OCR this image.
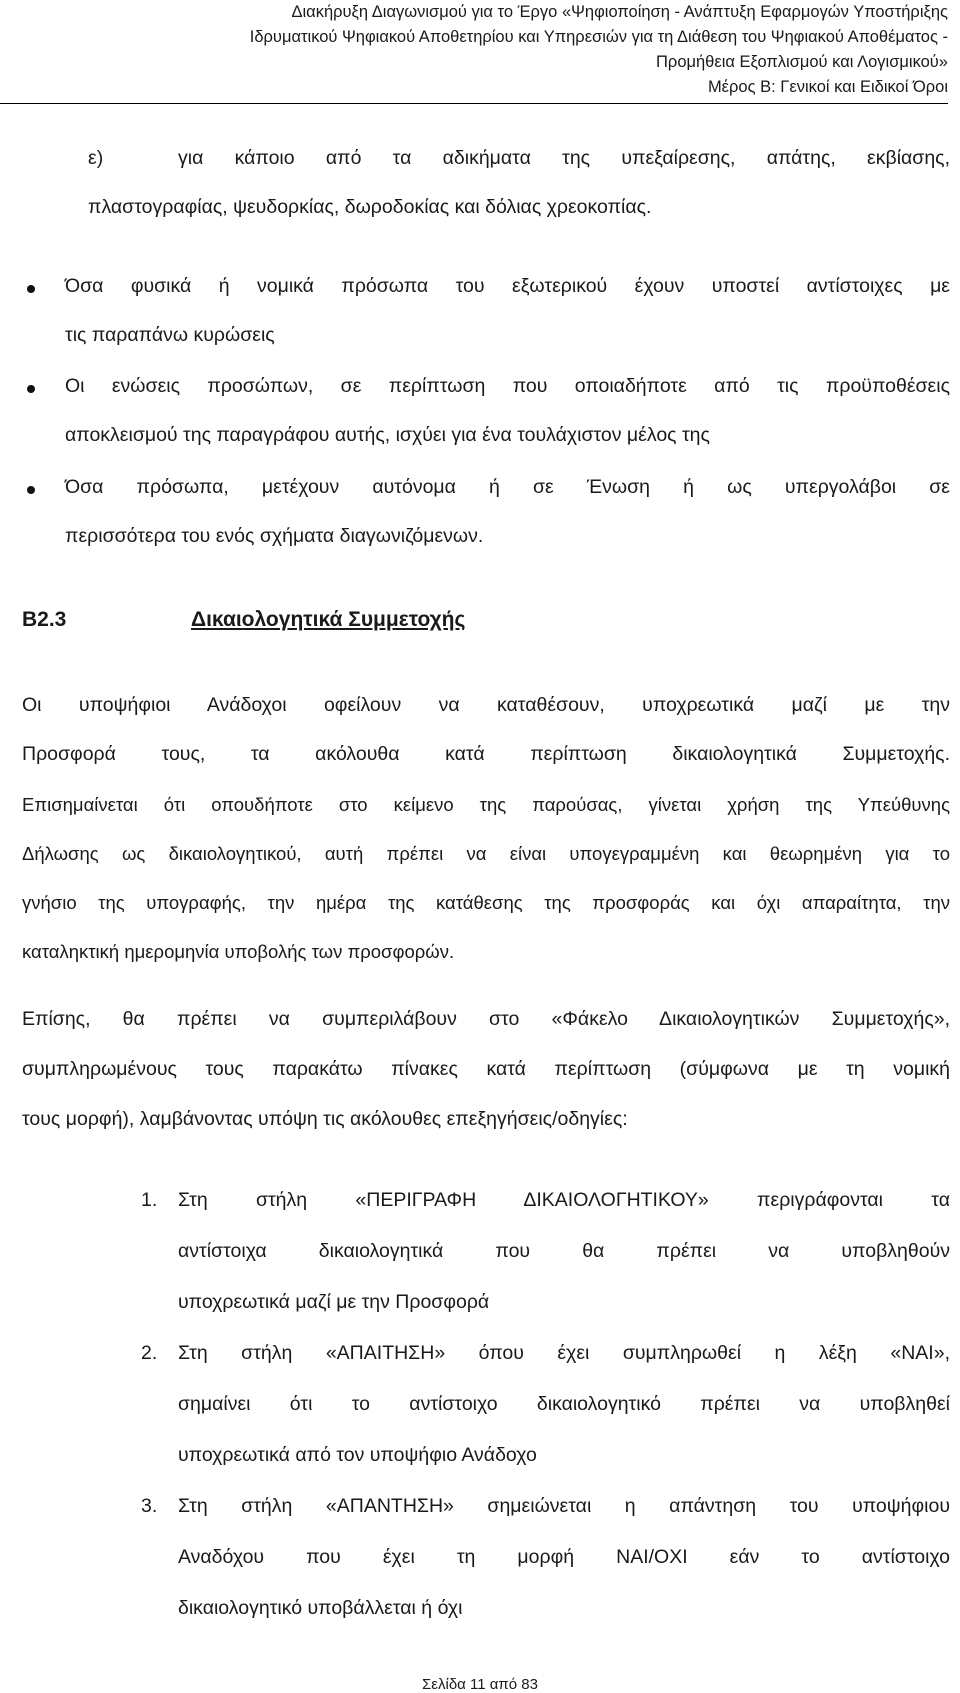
Διακήρυξη Διαγωνισμού για το Έργο «Ψηφιοποίηση - Ανάπτυξη Εφαρμογών Υποστήριξης
Ιδρυματικού Ψηφιακού Αποθετηρίου και Υπηρεσιών για τη Διάθεση του Ψηφιακού Αποθέματος -
Προμήθεια Εξοπλισμού και Λογισμικού»
Μέρος Β: Γενικοί και Ειδικοί Όροι
ε)	για κάποιο από τα αδικήματα της υπεξαίρεσης, απάτης, εκβίασης,
πλαστογραφίας, ψευδορκίας, δωροδοκίας και δόλιας χρεοκοπίας.
Όσα φυσικά ή νομικά πρόσωπα του εξωτερικού έχουν υποστεί αντίστοιχες με
τις παραπάνω κυρώσεις
Οι ενώσεις προσώπων, σε περίπτωση που οποιαδήποτε από τις προϋποθέσεις
αποκλεισμού της παραγράφου αυτής, ισχύει για ένα τουλάχιστον μέλος της
Όσα πρόσωπα, μετέχουν αυτόνομα ή σε Ένωση ή ως υπεργολάβοι σε
περισσότερα του ενός σχήματα διαγωνιζόμενων.
Β2.3	Δικαιολογητικά Συμμετοχής
Οι υποψήφιοι Ανάδοχοι οφείλουν να καταθέσουν, υποχρεωτικά μαζί με την
Προσφορά τους, τα ακόλουθα κατά περίπτωση δικαιολογητικά Συμμετοχής.
Επισημαίνεται ότι οπουδήποτε στο κείμενο της παρούσας, γίνεται χρήση της Υπεύθυνης
Δήλωσης ως δικαιολογητικού, αυτή πρέπει να είναι υπογεγραμμένη και θεωρημένη για το
γνήσιο της υπογραφής, την ημέρα της κατάθεσης της προσφοράς και όχι απαραίτητα, την
καταληκτική ημερομηνία υποβολής των προσφορών.
Επίσης, θα πρέπει να συμπεριλάβουν στο «Φάκελο Δικαιολογητικών Συμμετοχής»,
συμπληρωμένους τους παρακάτω πίνακες κατά περίπτωση (σύμφωνα με τη νομική
τους μορφή), λαμβάνοντας υπόψη τις ακόλουθες επεξηγήσεις/οδηγίες:
1. Στη στήλη «ΠΕΡΙΓΡΑΦΗ ΔΙΚΑΙΟΛΟΓΗΤΙΚΟΥ» περιγράφονται τα
αντίστοιχα δικαιολογητικά που θα πρέπει να υποβληθούν
υποχρεωτικά μαζί με την Προσφορά
2. Στη στήλη «ΑΠΑΙΤΗΣΗ» όπου έχει συμπληρωθεί η λέξη «ΝΑΙ»,
σημαίνει ότι το αντίστοιχο δικαιολογητικό πρέπει να υποβληθεί
υποχρεωτικά από τον υποψήφιο Ανάδοχο
3. Στη στήλη «ΑΠΑΝΤΗΣΗ» σημειώνεται η απάντηση του υποψήφιου
Αναδόχου που έχει τη μορφή ΝΑΙ/ΟΧΙ εάν το αντίστοιχο
δικαιολογητικό υποβάλλεται ή όχι
Σελίδα 11 από 83
